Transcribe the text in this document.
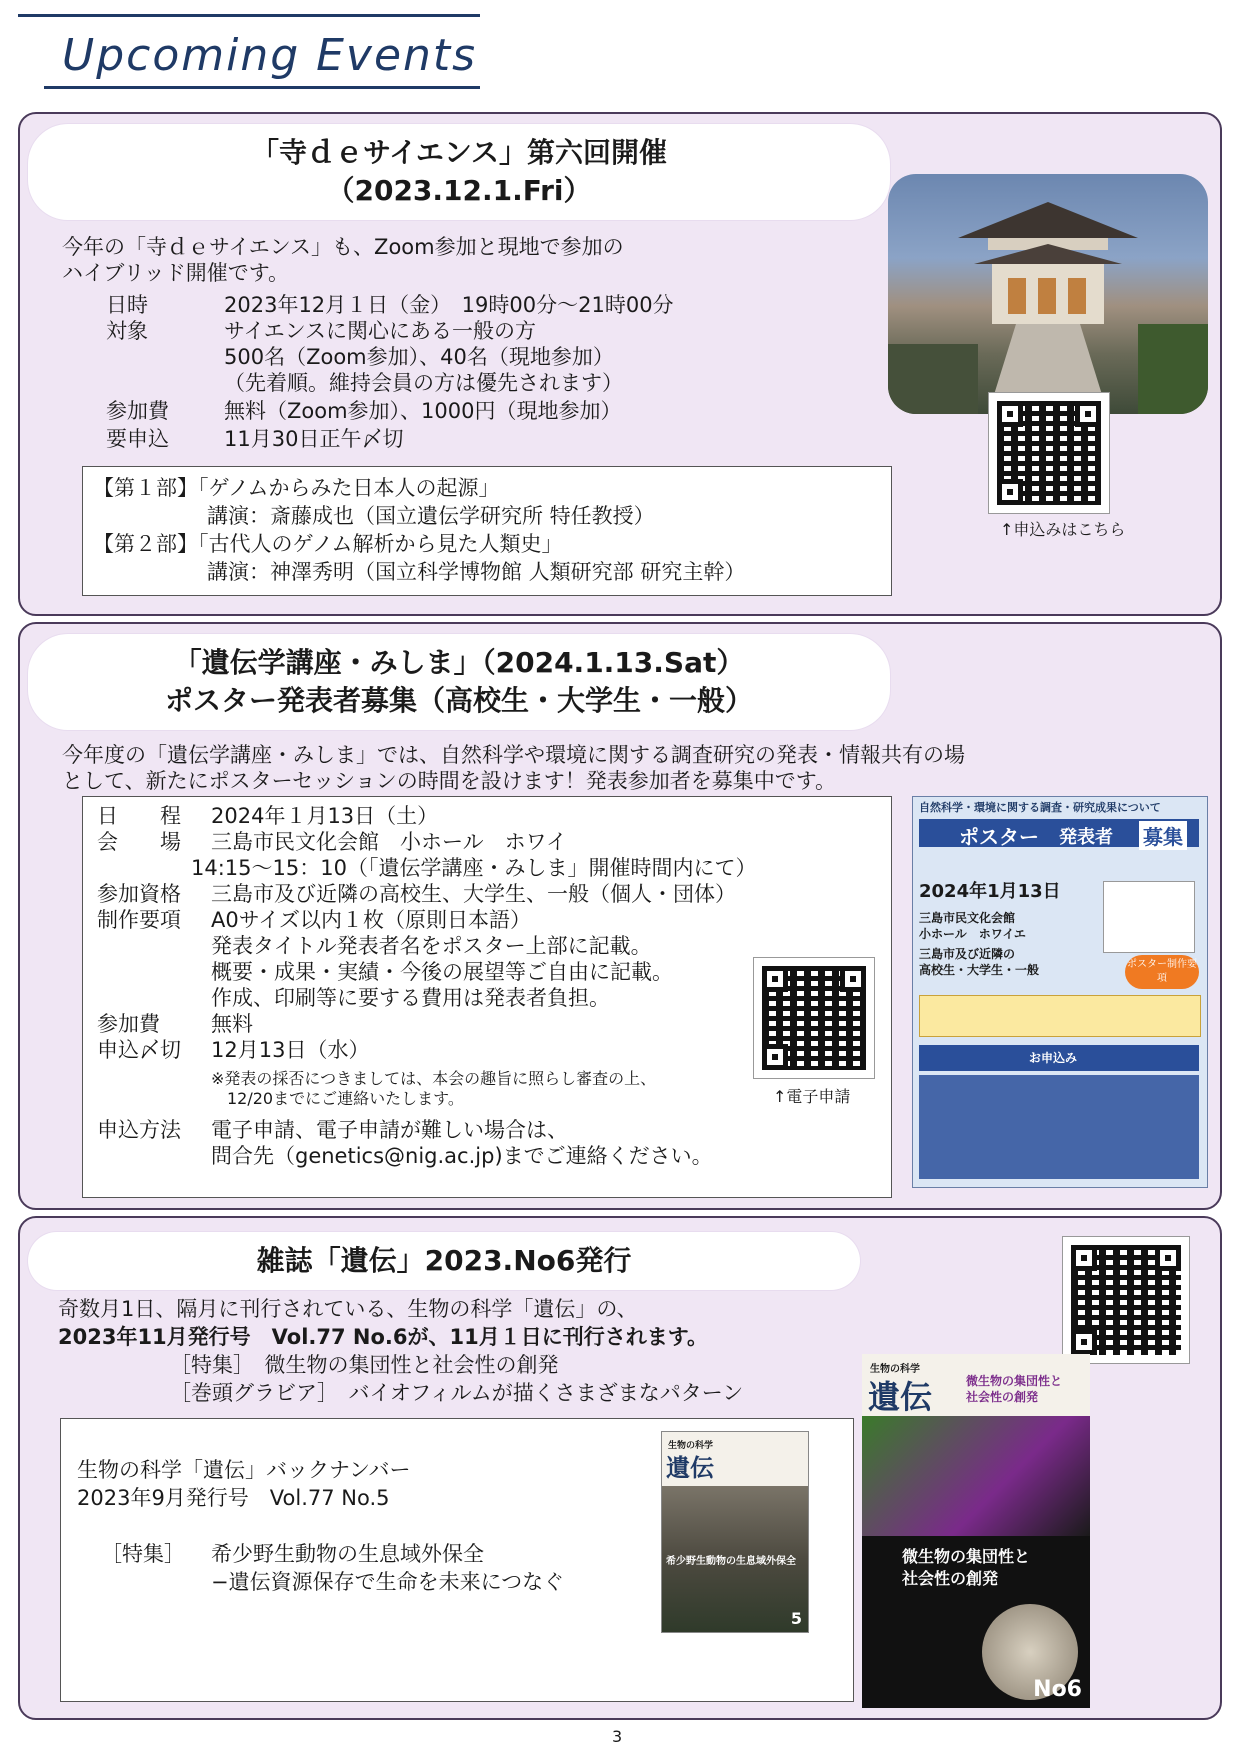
Upcoming Events
「寺ｄｅサイエンス」第六回開催
（2023.12.1.Fri）
今年の「寺ｄｅサイエンス」も、Zoom参加と現地で参加の
ハイブリッド開催です。
日時	2023年12月１日（金）　19時00分～21時00分
対象	サイエンスに関心にある一般の方
500名（Zoom参加）、40名（現地参加）
（先着順。維持会員の方は優先されます）
参加費	無料（Zoom参加）、1000円（現地参加）
要申込	11月30日正午〆切
【第１部】「ゲノムからみた日本人の起源」
講演：斎藤成也（国立遺伝学研究所 特任教授）
【第２部】「古代人のゲノム解析から見た人類史」
講演：神澤秀明（国立科学博物館 人類研究部 研究主幹）
↑申込みはこちら
「遺伝学講座・みしま」（2024.1.13.Sat）
ポスター発表者募集（高校生・大学生・一般）
今年度の「遺伝学講座・みしま」では、自然科学や環境に関する調査研究の発表・情報共有の場
として、新たにポスターセッションの時間を設けます！発表参加者を募集中です。
日　　程 2024年１月13日（土）
会　　場 三島市民文化会館　小ホール　ホワイ
14:15～15：10（「遺伝学講座・みしま」開催時間内にて）
参加資格 三島市及び近隣の高校生、大学生、一般（個人・団体）
制作要項 A0サイズ以内１枚（原則日本語）
発表タイトル発表者名をポスター上部に記載。
概要・成果・実績・今後の展望等ご自由に記載。
作成、印刷等に要する費用は発表者負担。
参加費 無料
申込〆切 12月13日（水）
※発表の採否につきましては、本会の趣旨に照らし審査の上、
12/20までにご連絡いたします。
申込方法 電子申請、電子申請が難しい場合は、
問合先（genetics@nig.ac.jp)までご連絡ください。
↑電子申請
自然科学・環境に関する調査・研究成果について
ポスター 発表者 募集
2024年1月13日
三島市民文化会館
小ホール　ホワイエ
三島市及び近隣の
高校生・大学生・一般	ポスター制作要項
お申込み
雑誌「遺伝」2023.No6発行
奇数月1日、隔月に刊行されている、生物の科学「遺伝」の、
2023年11月発行号　Vol.77 No.6が、11月１日に刊行されます。
［特集］　微生物の集団性と社会性の創発
［巻頭グラビア］　バイオフィルムが描くさまざまなパターン
生物の科学「遺伝」バックナンバー
2023年9月発行号　Vol.77 No.5
［特集］ 希少野生動物の生息域外保全
−遺伝資源保存で生命を未来につなぐ
生物の科学
遺伝
希少野生動物の生息域外保全
5
生物の科学
遺伝	微生物の集団性と
社会性の創発
微生物の集団性と
社会性の創発
No6
3
